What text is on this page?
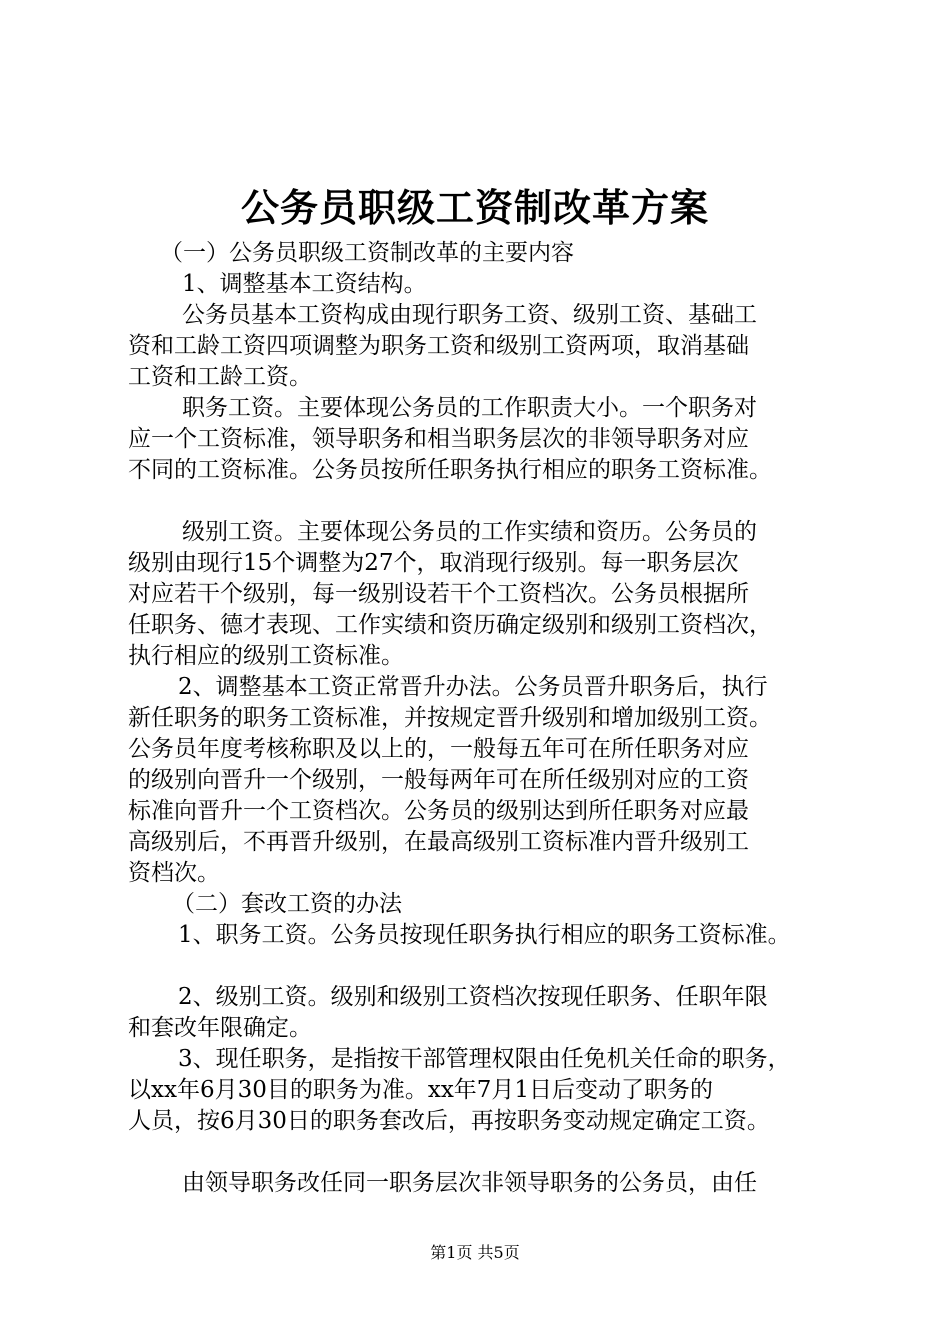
公务员职级工资制改革方案
（一）公务员职级工资制改革的主要内容
1、调整基本工资结构。
公务员基本工资构成由现行职务工资、级别工资、基础工
资和工龄工资四项调整为职务工资和级别工资两项，取消基础
工资和工龄工资。
职务工资。主要体现公务员的工作职责大小。一个职务对
应一个工资标准，领导职务和相当职务层次的非领导职务对应
不同的工资标准。公务员按所任职务执行相应的职务工资标准。
级别工资。主要体现公务员的工作实绩和资历。公务员的
级别由现行15个调整为27个，取消现行级别。每一职务层次
对应若干个级别，每一级别设若干个工资档次。公务员根据所
任职务、德才表现、工作实绩和资历确定级别和级别工资档次，
执行相应的级别工资标准。
2、调整基本工资正常晋升办法。公务员晋升职务后，执行
新任职务的职务工资标准，并按规定晋升级别和增加级别工资。
公务员年度考核称职及以上的，一般每五年可在所任职务对应
的级别向晋升一个级别，一般每两年可在所任级别对应的工资
标准向晋升一个工资档次。公务员的级别达到所任职务对应最
高级别后，不再晋升级别，在最高级别工资标准内晋升级别工
资档次。
（二）套改工资的办法
1、职务工资。公务员按现任职务执行相应的职务工资标准。
2、级别工资。级别和级别工资档次按现任职务、任职年限
和套改年限确定。
3、现任职务，是指按干部管理权限由任免机关任命的职务，
以xx年6月30目的职务为准。xx年7月1日后变动了职务的
人员，按6月30日的职务套改后，再按职务变动规定确定工资。
由领导职务改任同一职务层次非领导职务的公务员，由任
第1页 共5页
